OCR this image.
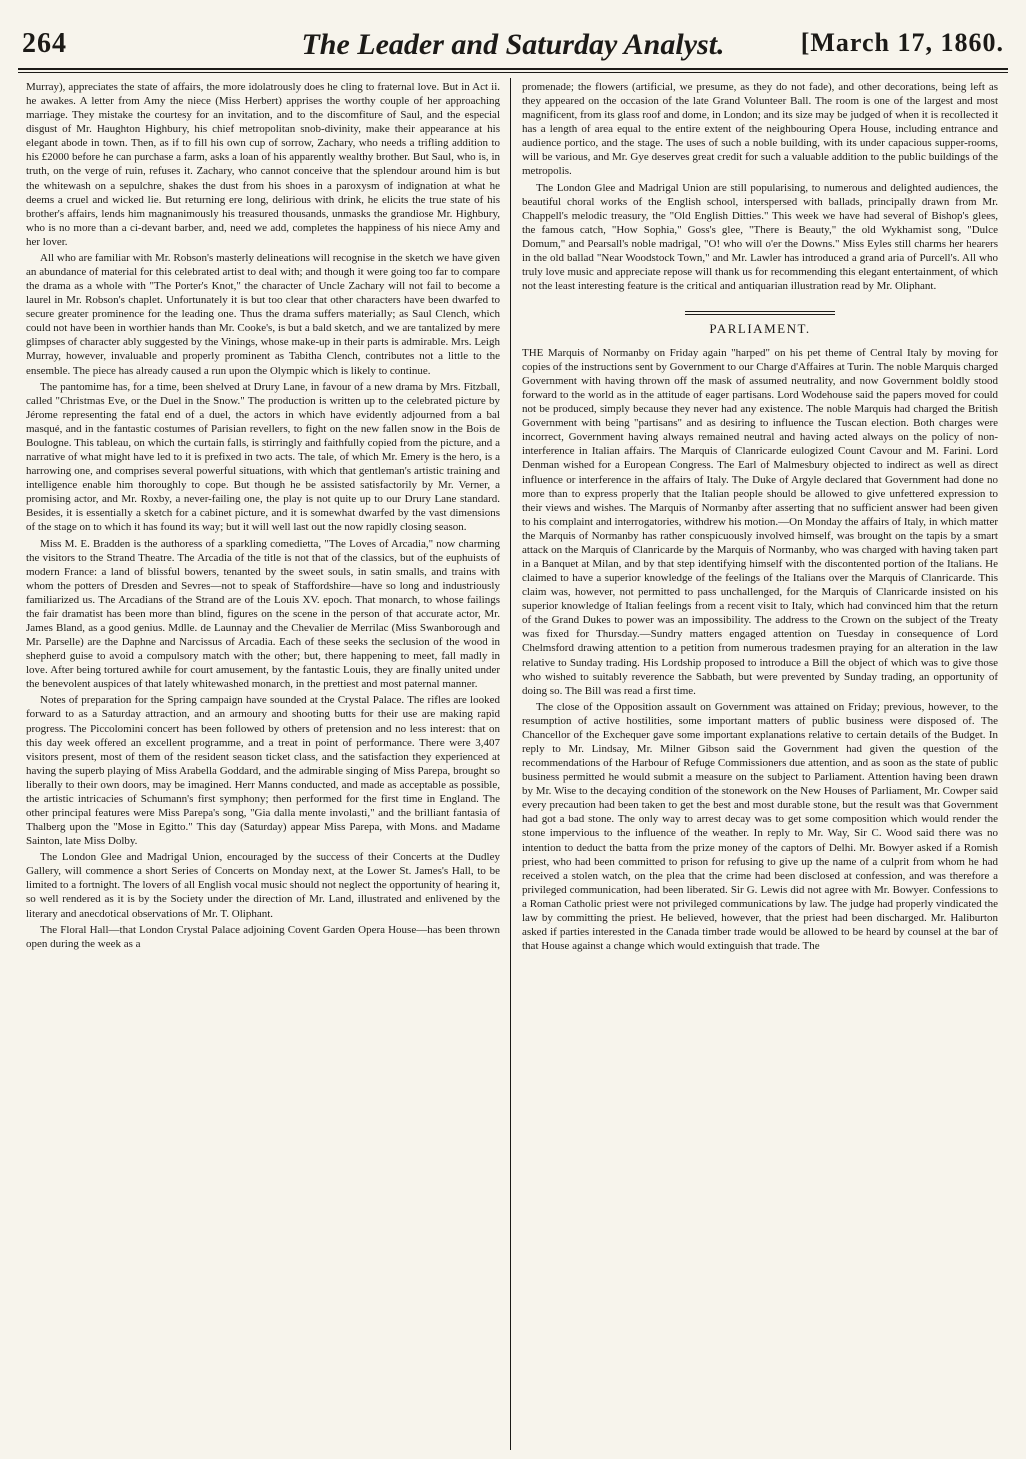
264	The Leader and Saturday Analyst.	[March 17, 1860.

Murray), appreciates the state of affairs, the more idolatrously does he cling to fraternal love. But in Act ii. he awakes. A letter from Amy the niece (Miss Herbert) apprises the worthy couple of her approaching marriage. They mistake the courtesy for an invitation, and to the discomfiture of Saul, and the especial disgust of Mr. Haughton Highbury, his chief metropolitan snob-divinity, make their appearance at his elegant abode in town. Then, as if to fill his own cup of sorrow, Zachary, who needs a trifling addition to his £2000 before he can purchase a farm, asks a loan of his apparently wealthy brother. But Saul, who is, in truth, on the verge of ruin, refuses it. Zachary, who cannot conceive that the splendour around him is but the whitewash on a sepulchre, shakes the dust from his shoes in a paroxysm of indignation at what he deems a cruel and wicked lie. But returning ere long, delirious with drink, he elicits the true state of his brother's affairs, lends him magnanimously his treasured thousands, unmasks the grandiose Mr. Highbury, who is no more than a ci-devant barber, and, need we add, completes the happiness of his niece Amy and her lover.

All who are familiar with Mr. Robson's masterly delineations will recognise in the sketch we have given an abundance of material for this celebrated artist to deal with; and though it were going too far to compare the drama as a whole with "The Porter's Knot," the character of Uncle Zachary will not fail to become a laurel in Mr. Robson's chaplet. Unfortunately it is but too clear that other characters have been dwarfed to secure greater prominence for the leading one. Thus the drama suffers materially; as Saul Clench, which could not have been in worthier hands than Mr. Cooke's, is but a bald sketch, and we are tantalized by mere glimpses of character ably suggested by the Vinings, whose make-up in their parts is admirable. Mrs. Leigh Murray, however, invaluable and properly prominent as Tabitha Clench, contributes not a little to the ensemble. The piece has already caused a run upon the Olympic which is likely to continue.

The pantomime has, for a time, been shelved at Drury Lane, in favour of a new drama by Mrs. Fitzball, called "Christmas Eve, or the Duel in the Snow." The production is written up to the celebrated picture by Jérome representing the fatal end of a duel, the actors in which have evidently adjourned from a bal masqué, and in the fantastic costumes of Parisian revellers, to fight on the new fallen snow in the Bois de Boulogne. This tableau, on which the curtain falls, is stirringly and faithfully copied from the picture, and a narrative of what might have led to it is prefixed in two acts. The tale, of which Mr. Emery is the hero, is a harrowing one, and comprises several powerful situations, with which that gentleman's artistic training and intelligence enable him thoroughly to cope. But though he be assisted satisfactorily by Mr. Verner, a promising actor, and Mr. Roxby, a never-failing one, the play is not quite up to our Drury Lane standard. Besides, it is essentially a sketch for a cabinet picture, and it is somewhat dwarfed by the vast dimensions of the stage on to which it has found its way; but it will well last out the now rapidly closing season.

Miss M. E. Bradden is the authoress of a sparkling comedietta, "The Loves of Arcadia," now charming the visitors to the Strand Theatre. The Arcadia of the title is not that of the classics, but of the euphuists of modern France: a land of blissful bowers, tenanted by the sweet souls, in satin smalls, and trains with whom the potters of Dresden and Sevres—not to speak of Staffordshire—have so long and industriously familiarized us. The Arcadians of the Strand are of the Louis XV. epoch. That monarch, to whose failings the fair dramatist has been more than blind, figures on the scene in the person of that accurate actor, Mr. James Bland, as a good genius. Mdlle. de Launnay and the Chevalier de Merrilac (Miss Swanborough and Mr. Parselle) are the Daphne and Narcissus of Arcadia. Each of these seeks the seclusion of the wood in shepherd guise to avoid a compulsory match with the other; but, there happening to meet, fall madly in love. After being tortured awhile for court amusement, by the fantastic Louis, they are finally united under the benevolent auspices of that lately whitewashed monarch, in the prettiest and most paternal manner.

Notes of preparation for the Spring campaign have sounded at the Crystal Palace. The rifles are looked forward to as a Saturday attraction, and an armoury and shooting butts for their use are making rapid progress. The Piccolomini concert has been followed by others of pretension and no less interest: that on this day week offered an excellent programme, and a treat in point of performance. There were 3,407 visitors present, most of them of the resident season ticket class, and the satisfaction they experienced at having the superb playing of Miss Arabella Goddard, and the admirable singing of Miss Parepa, brought so liberally to their own doors, may be imagined. Herr Manns conducted, and made as acceptable as possible, the artistic intricacies of Schumann's first symphony; then performed for the first time in England. The other principal features were Miss Parepa's song, "Gia dalla mente involasti," and the brilliant fantasia of Thalberg upon the "Mose in Egitto." This day (Saturday) appear Miss Parepa, with Mons. and Madame Sainton, late Miss Dolby.

The London Glee and Madrigal Union, encouraged by the success of their Concerts at the Dudley Gallery, will commence a short Series of Concerts on Monday next, at the Lower St. James's Hall, to be limited to a fortnight. The lovers of all English vocal music should not neglect the opportunity of hearing it, so well rendered as it is by the Society under the direction of Mr. Land, illustrated and enlivened by the literary and anecdotical observations of Mr. T. Oliphant.

The Floral Hall—that London Crystal Palace adjoining Covent Garden Opera House—has been thrown open during the week as a

promenade; the flowers (artificial, we presume, as they do not fade), and other decorations, being left as they appeared on the occasion of the late Grand Volunteer Ball. The room is one of the largest and most magnificent, from its glass roof and dome, in London; and its size may be judged of when it is recollected it has a length of area equal to the entire extent of the neighbouring Opera House, including entrance and audience portico, and the stage. The uses of such a noble building, with its under capacious supper-rooms, will be various, and Mr. Gye deserves great credit for such a valuable addition to the public buildings of the metropolis.

The London Glee and Madrigal Union are still popularising, to numerous and delighted audiences, the beautiful choral works of the English school, interspersed with ballads, principally drawn from Mr. Chappell's melodic treasury, the "Old English Ditties." This week we have had several of Bishop's glees, the famous catch, "How Sophia," Goss's glee, "There is Beauty," the old Wykhamist song, "Dulce Domum," and Pearsall's noble madrigal, "O! who will o'er the Downs." Miss Eyles still charms her hearers in the old ballad "Near Woodstock Town," and Mr. Lawler has introduced a grand aria of Purcell's. All who truly love music and appreciate repose will thank us for recommending this elegant entertainment, of which not the least interesting feature is the critical and antiquarian illustration read by Mr. Oliphant.

PARLIAMENT.

THE Marquis of Normanby on Friday again "harped" on his pet theme of Central Italy by moving for copies of the instructions sent by Government to our Charge d'Affaires at Turin. The noble Marquis charged Government with having thrown off the mask of assumed neutrality, and now Government boldly stood forward to the world as in the attitude of eager partisans. Lord Wodehouse said the papers moved for could not be produced, simply because they never had any existence. The noble Marquis had charged the British Government with being "partisans" and as desiring to influence the Tuscan election. Both charges were incorrect, Government having always remained neutral and having acted always on the policy of non-interference in Italian affairs. The Marquis of Clanricarde eulogized Count Cavour and M. Farini. Lord Denman wished for a European Congress. The Earl of Malmesbury objected to indirect as well as direct influence or interference in the affairs of Italy. The Duke of Argyle declared that Government had done no more than to express properly that the Italian people should be allowed to give unfettered expression to their views and wishes. The Marquis of Normanby after asserting that no sufficient answer had been given to his complaint and interrogatories, withdrew his motion.—On Monday the affairs of Italy, in which matter the Marquis of Normanby has rather conspicuously involved himself, was brought on the tapis by a smart attack on the Marquis of Clanricarde by the Marquis of Normanby, who was charged with having taken part in a Banquet at Milan, and by that step identifying himself with the discontented portion of the Italians. He claimed to have a superior knowledge of the feelings of the Italians over the Marquis of Clanricarde. This claim was, however, not permitted to pass unchallenged, for the Marquis of Clanricarde insisted on his superior knowledge of Italian feelings from a recent visit to Italy, which had convinced him that the return of the Grand Dukes to power was an impossibility. The address to the Crown on the subject of the Treaty was fixed for Thursday.—Sundry matters engaged attention on Tuesday in consequence of Lord Chelmsford drawing attention to a petition from numerous tradesmen praying for an alteration in the law relative to Sunday trading. His Lordship proposed to introduce a Bill the object of which was to give those who wished to suitably reverence the Sabbath, but were prevented by Sunday trading, an opportunity of doing so. The Bill was read a first time.

The close of the Opposition assault on Government was attained on Friday; previous, however, to the resumption of active hostilities, some important matters of public business were disposed of. The Chancellor of the Exchequer gave some important explanations relative to certain details of the Budget. In reply to Mr. Lindsay, Mr. Milner Gibson said the Government had given the question of the recommendations of the Harbour of Refuge Commissioners due attention, and as soon as the state of public business permitted he would submit a measure on the subject to Parliament. Attention having been drawn by Mr. Wise to the decaying condition of the stonework on the New Houses of Parliament, Mr. Cowper said every precaution had been taken to get the best and most durable stone, but the result was that Government had got a bad stone. The only way to arrest decay was to get some composition which would render the stone impervious to the influence of the weather. In reply to Mr. Way, Sir C. Wood said there was no intention to deduct the batta from the prize money of the captors of Delhi. Mr. Bowyer asked if a Romish priest, who had been committed to prison for refusing to give up the name of a culprit from whom he had received a stolen watch, on the plea that the crime had been disclosed at confession, and was therefore a privileged communication, had been liberated. Sir G. Lewis did not agree with Mr. Bowyer. Confessions to a Roman Catholic priest were not privileged communications by law. The judge had properly vindicated the law by committing the priest. He believed, however, that the priest had been discharged. Mr. Haliburton asked if parties interested in the Canada timber trade would be allowed to be heard by counsel at the bar of that House against a change which would extinguish that trade. The
